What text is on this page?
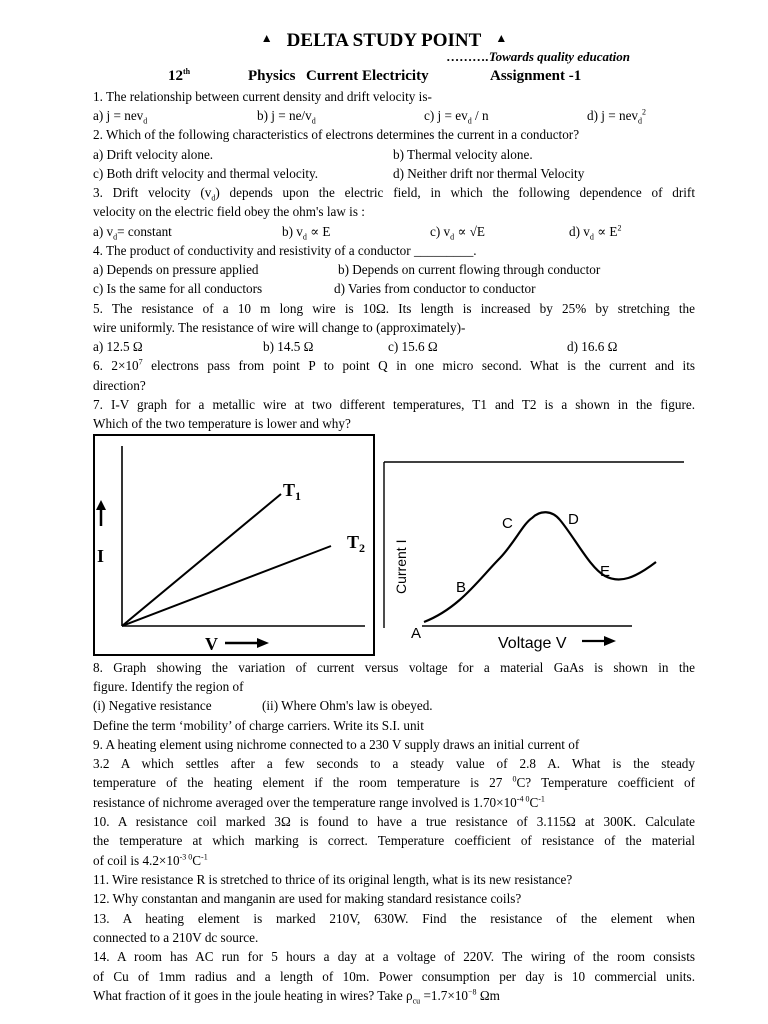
▲ DELTA STUDY POINT ▲
……….Towards quality education
12th	Physics Current Electricity	Assignment -1
1. The relationship between current density and drift velocity is-
a) j = nev$_d$	b) $j = ne/v_d$	c) $j = ev_d / n$	d) j = nev$_d^2$
2. Which of the following characteristics of electrons determines the current in a conductor?
a) Drift velocity alone.	b) Thermal velocity alone.
c) Both drift velocity and thermal velocity.	d) Neither drift nor thermal Velocity
3. Drift velocity $(v_d)$ depends upon the electric field, in which the following dependence of drift
velocity on the electric field obey the ohm's law is :
a) $v_d=$ constant	b) $v_d \propto E$	c) $v_d \propto √E$	d) $v_d \propto E^2$
4. The product of conductivity and resistivity of a conductor _________.
a) Depends on pressure applied	b) Depends on current flowing through conductor
c) Is the same for all conductors	d) Varies from conductor to conductor
5. The resistance of a 10 m long wire is 10Ω. Its length is increased by 25% by stretching the
wire uniformly. The resistance of wire will change to (approximately)-
a) 12.5 Ω	b) 14.5 Ω	c) 15.6 Ω	d) 16.6 Ω
6. $2\times 10^7$ electrons pass from point P to point Q in one micro second. What is the current and its
direction?
7. I-V graph for a metallic wire at two different temperatures, T1 and T2 is a shown in the figure.
Which of the two temperature is lower and why?
I
V
$T_1$
$T_2$ Current I
Voltage V
A
B
C	D
E
8. Graph showing the variation of current versus voltage for a material GaAs is shown in the
figure. Identify the region of
(i) Negative resistance	(ii) Where Ohm's law is obeyed.
Define the term ‘mobility’ of charge carriers. Write its S.I. unit
9. A heating element using nichrome connected to a 230 V supply draws an initial current of
3.2 A which settles after a few seconds to a steady value of 2.8 A. What is the steady
temperature of the heating element if the room temperature is 27 $^0$C? Temperature coefficient of
resistance of nichrome averaged over the temperature range involved is $1.70\times 10^{-4 0}C^{-1}$
10. A resistance coil marked 3Ω is found to have a true resistance of 3.115Ω at 300K. Calculate
the temperature at which marking is correct. Temperature coefficient of resistance of the material
of coil is $4.2\times 10^{-3 0}C^{-1}$
11. Wire resistance R is stretched to thrice of its original length, what is its new resistance?
12. Why constantan and manganin are used for making standard resistance coils?
13. A heating element is marked 210V, 630W. Find the resistance of the element when
connected to a 210V dc source.
14. A room has AC run for 5 hours a day at a voltage of 220V. The wiring of the room consists
of Cu of 1mm radius and a length of 10m. Power consumption per day is 10 commercial units.
What fraction of it goes in the joule heating in wires? Take $\rho_{cu} =1.7\times 10^{-8}$ Ωm
